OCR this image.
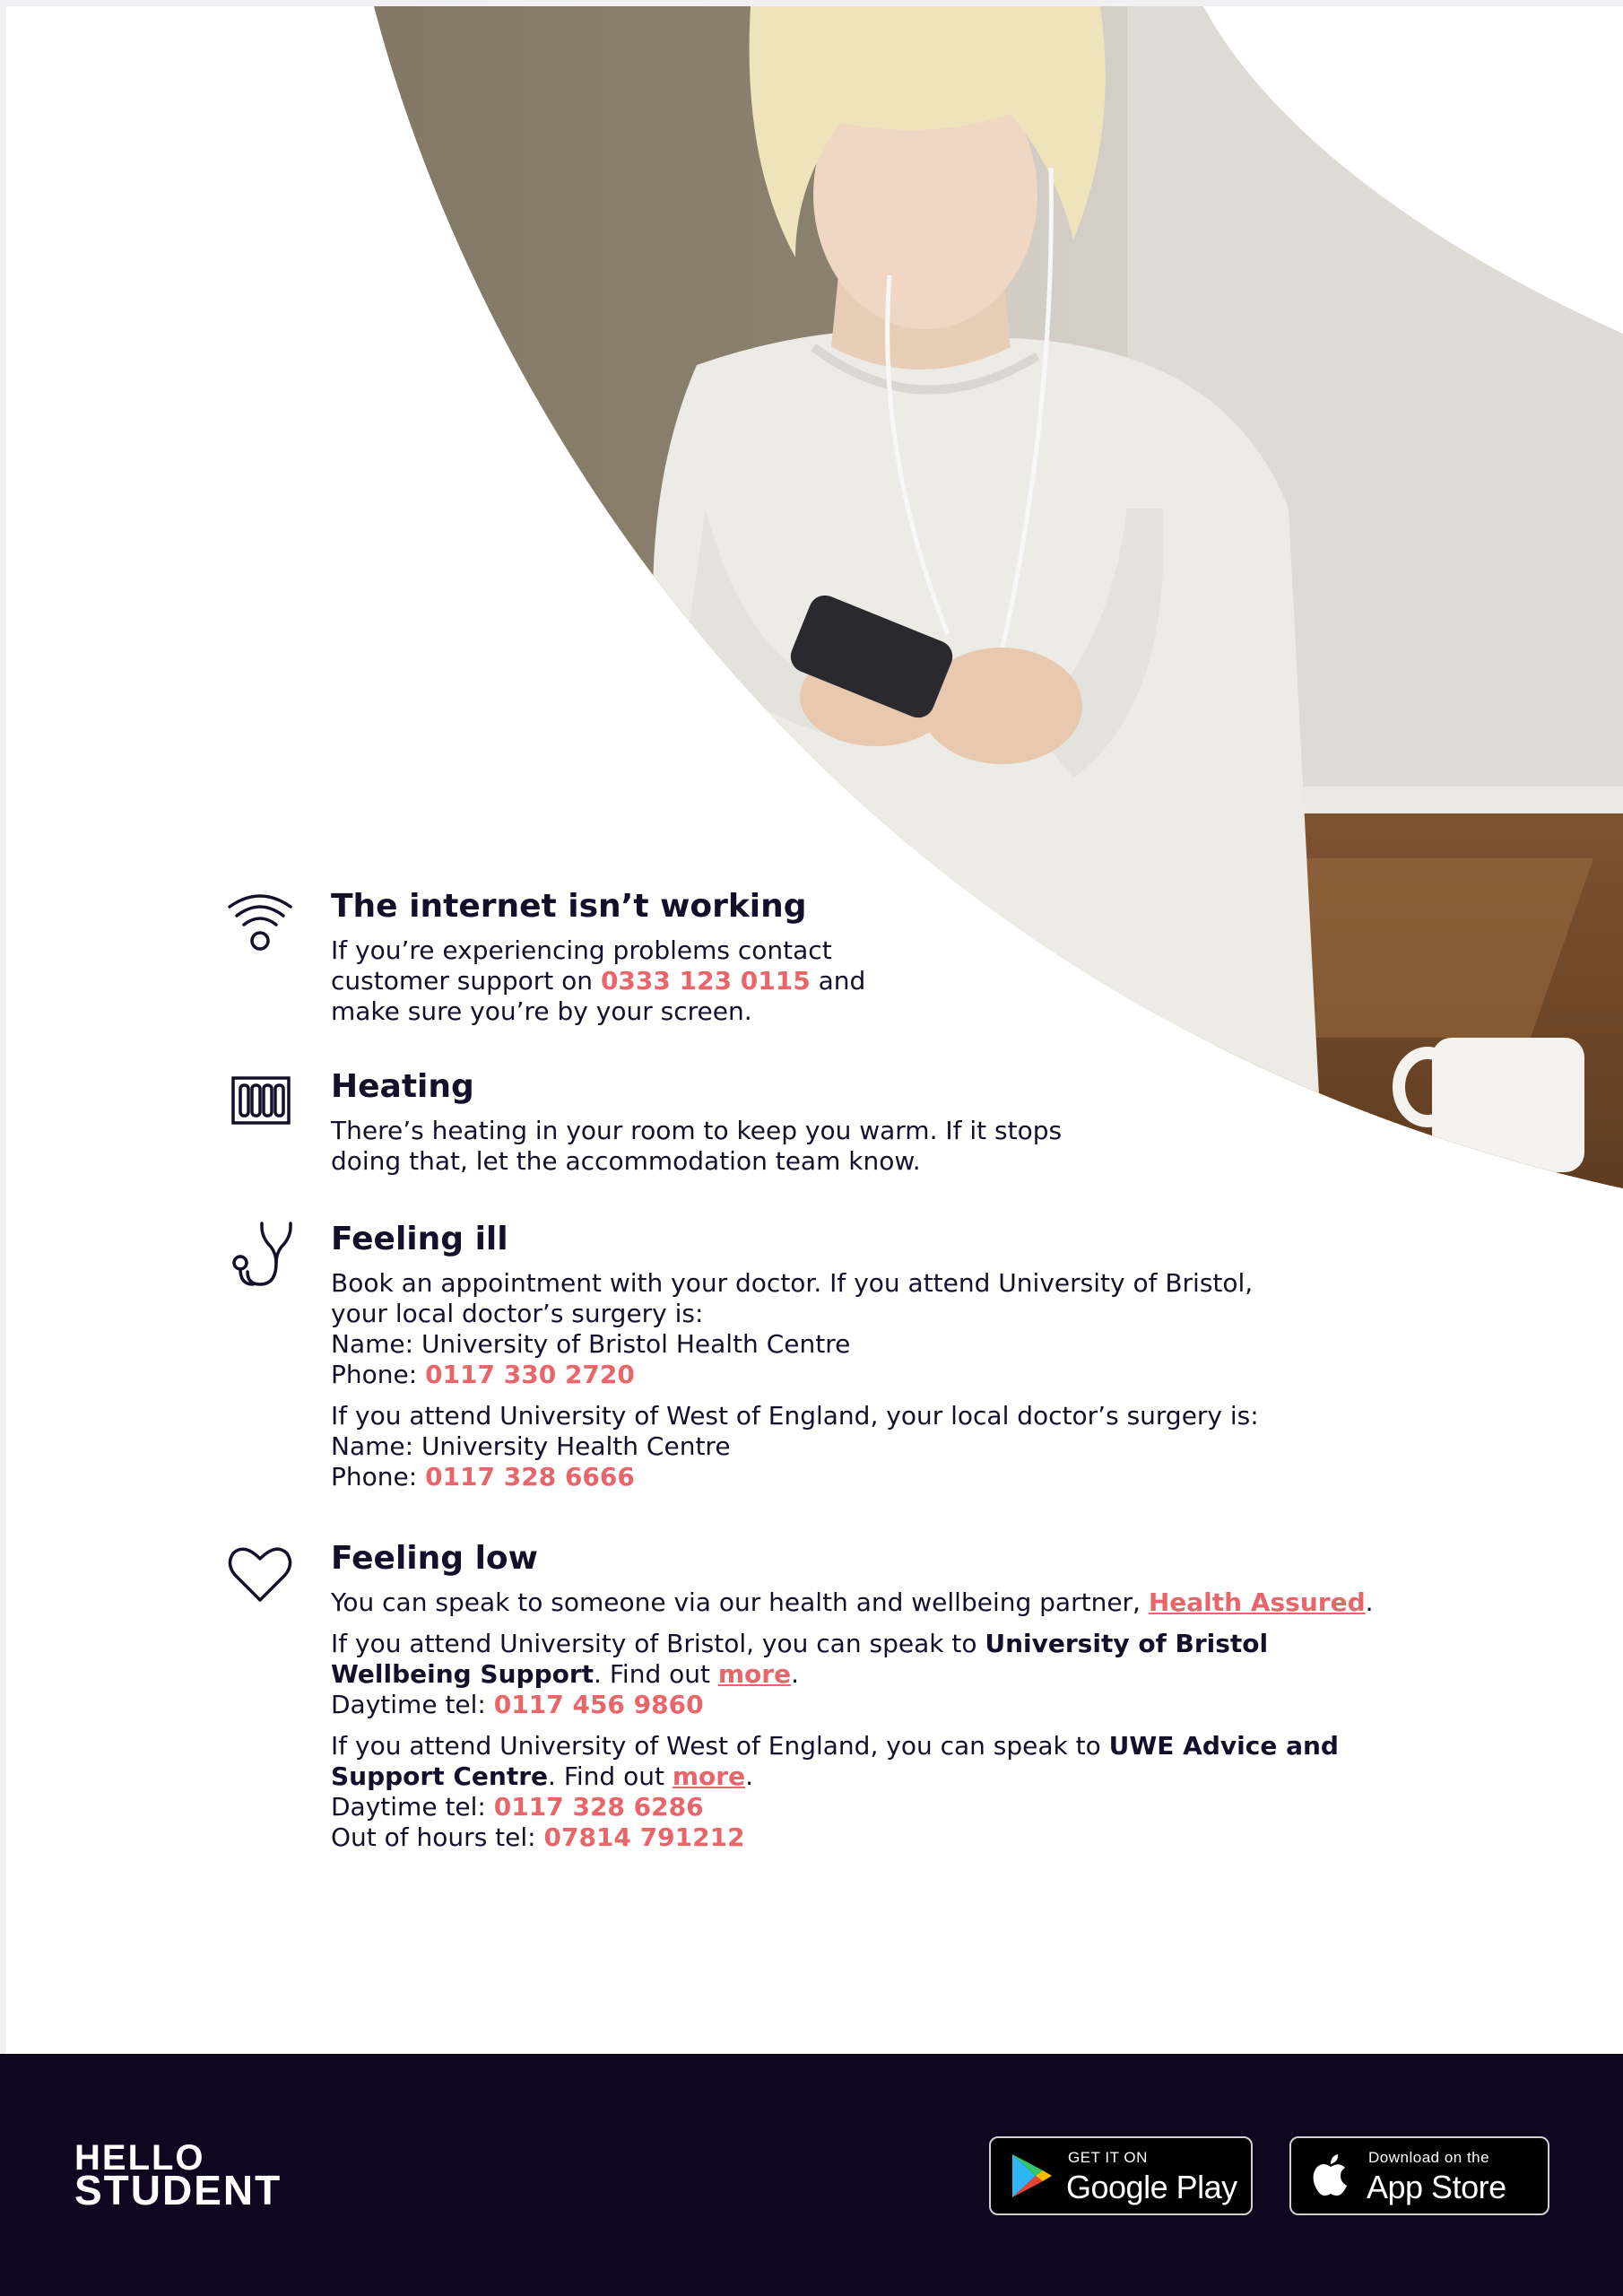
The internet isn’t working

If you’re experiencing problems contact
customer support on 0333 123 0115 and
make sure you’re by your screen.

Heating

There’s heating in your room to keep you warm. If it stops
doing that, let the accommodation team know.

Feeling ill

Book an appointment with your doctor. If you attend University of Bristol,
your local doctor’s surgery is:
Name: University of Bristol Health Centre
Phone: 0117 330 2720

If you attend University of West of England, your local doctor’s surgery is:
Name: University Health Centre
Phone: 0117 328 6666

Feeling low

You can speak to someone via our health and wellbeing partner, Health Assured.

If you attend University of Bristol, you can speak to University of Bristol
Wellbeing Support. Find out more.
Daytime tel: 0117 456 9860

If you attend University of West of England, you can speak to UWE Advice and
Support Centre. Find out more.
Daytime tel: 0117 328 6286
Out of hours tel: 07814 791212

HELLO
STUDENT
GET IT ON
Google Play
Download on the
App Store
